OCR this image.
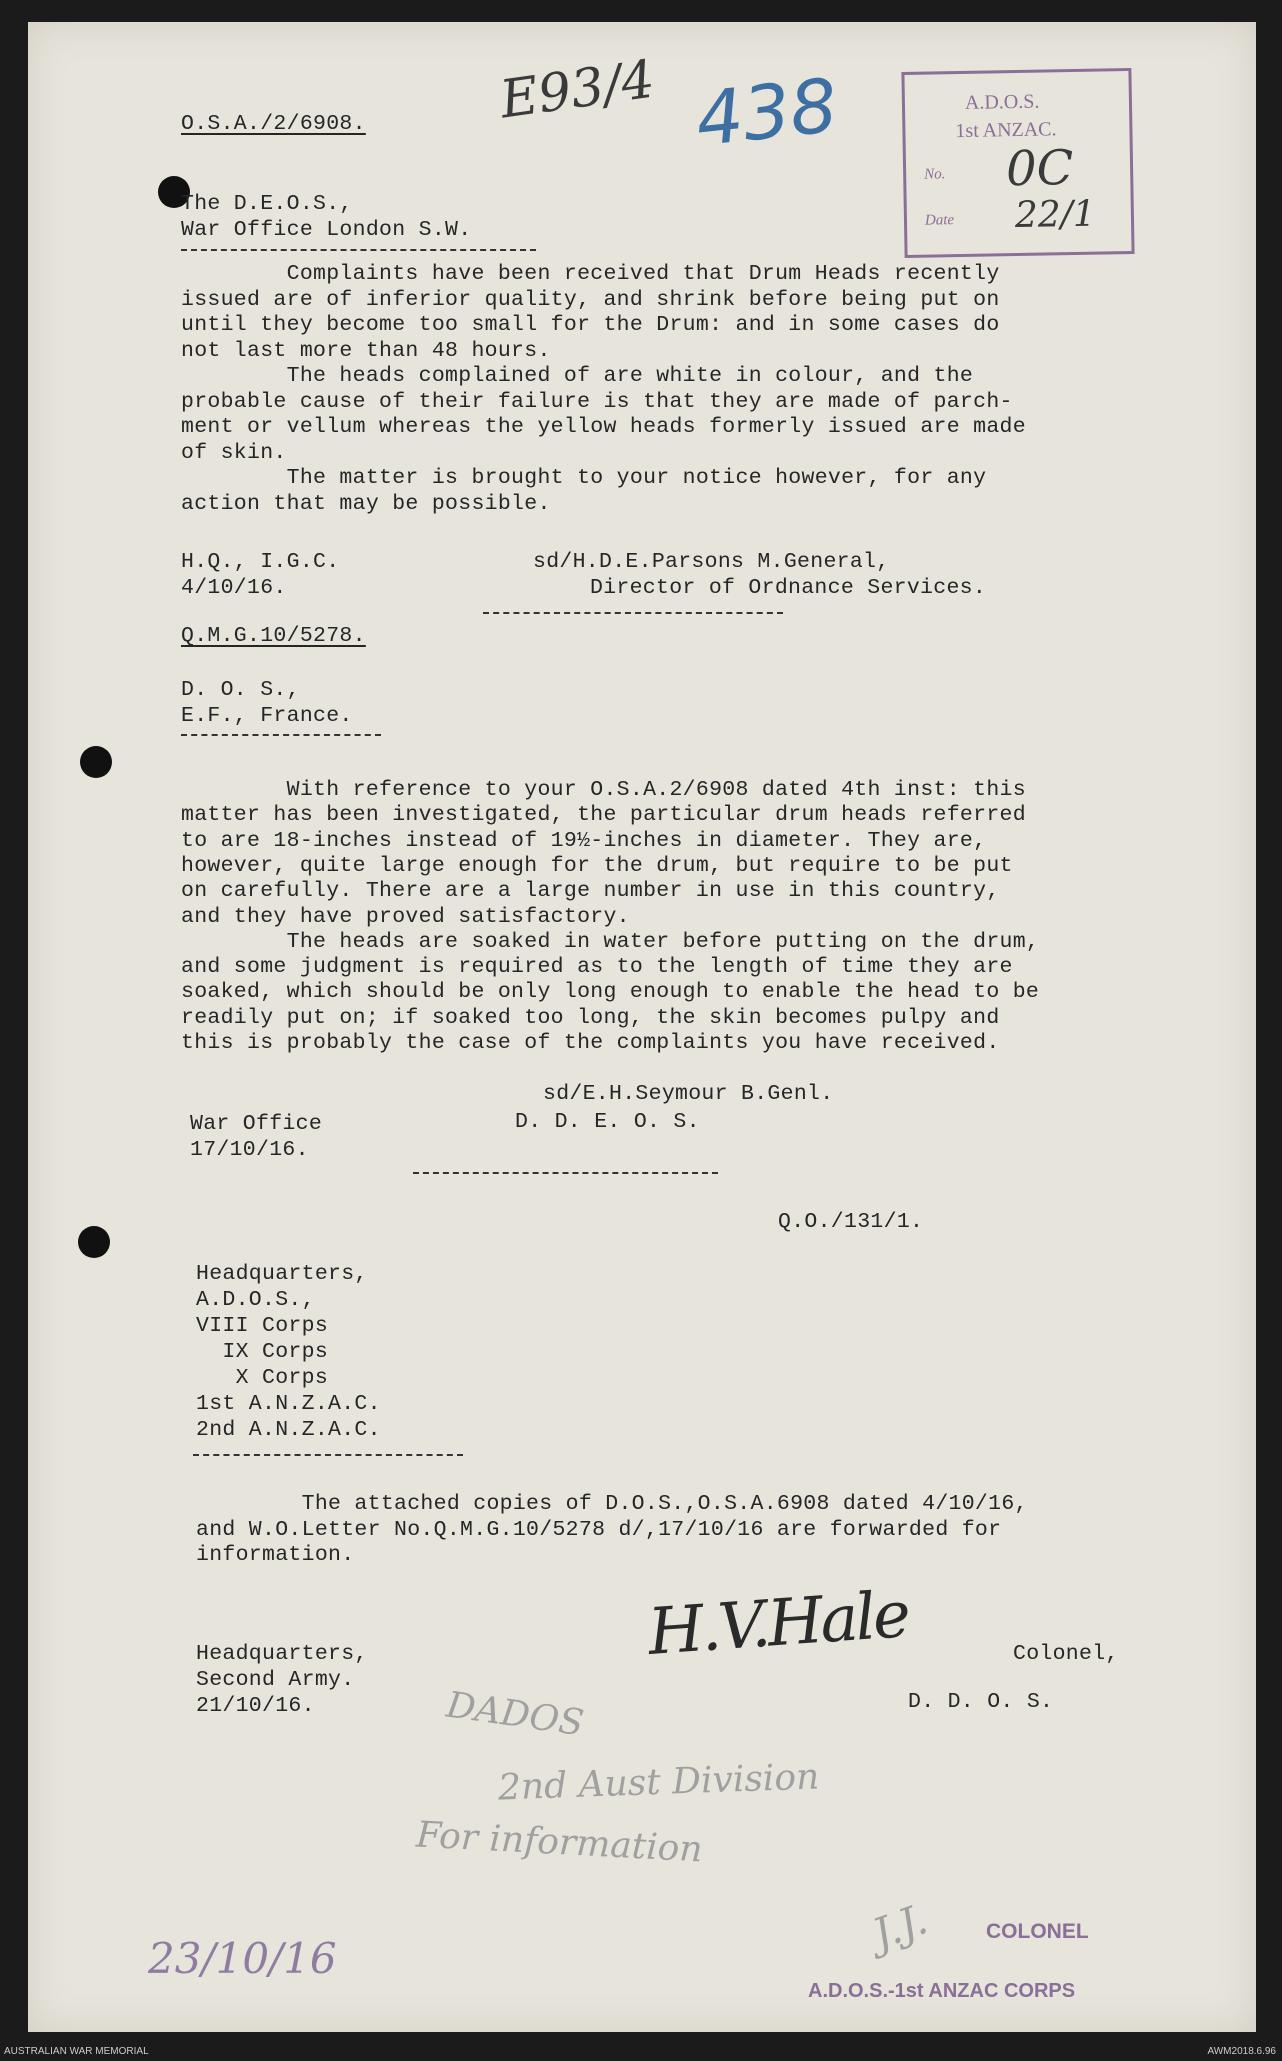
E93/4 438	A.D.O.S.
1st ANZAC.
No.
Date
0C
22/1
O.S.A./2/6908.
The D.E.O.S.,
War Office London S.W.
Complaints have been received that Drum Heads recently
issued are of inferior quality, and shrink before being put on
until they become too small for the Drum: and in some cases do
not last more than 48 hours.
The heads complained of are white in colour, and the
probable cause of their failure is that they are made of parch-
ment or vellum whereas the yellow heads formerly issued are made
of skin.
The matter is brought to your notice however, for any
action that may be possible.
H.Q., I.G.C.
4/10/16.
sd/H.D.E.Parsons M.General,
Director of Ordnance Services.
Q.M.G.10/5278.
D. O. S.,
E.F., France.
With reference to your O.S.A.2/6908 dated 4th inst: this
matter has been investigated, the particular drum heads referred
to are 18-inches instead of 19½-inches in diameter. They are,
however, quite large enough for the drum, but require to be put
on carefully. There are a large number in use in this country,
and they have proved satisfactory.
The heads are soaked in water before putting on the drum,
and some judgment is required as to the length of time they are
soaked, which should be only long enough to enable the head to be
readily put on; if soaked too long, the skin becomes pulpy and
this is probably the case of the complaints you have received.
sd/E.H.Seymour B.Genl.
D. D. E. O. S.
War Office
17/10/16.
Q.O./131/1.
Headquarters,
A.D.O.S.,
VIII Corps
IX Corps
X Corps
1st A.N.Z.A.C.
2nd A.N.Z.A.C.
The attached copies of D.O.S.,O.S.A.6908 dated 4/10/16,
and W.O.Letter No.Q.M.G.10/5278 d/,17/10/16 are forwarded for
information.
H.V.Hale
Headquarters,
Second Army.
21/10/16.
Colonel,
D. D. O. S.
DADOS
2nd Aust Division
For information
J.J.
23/10/16
COLONEL
A.D.O.S.-1st ANZAC CORPS
AUSTRALIAN WAR MEMORIAL	AWM2018.6.96
